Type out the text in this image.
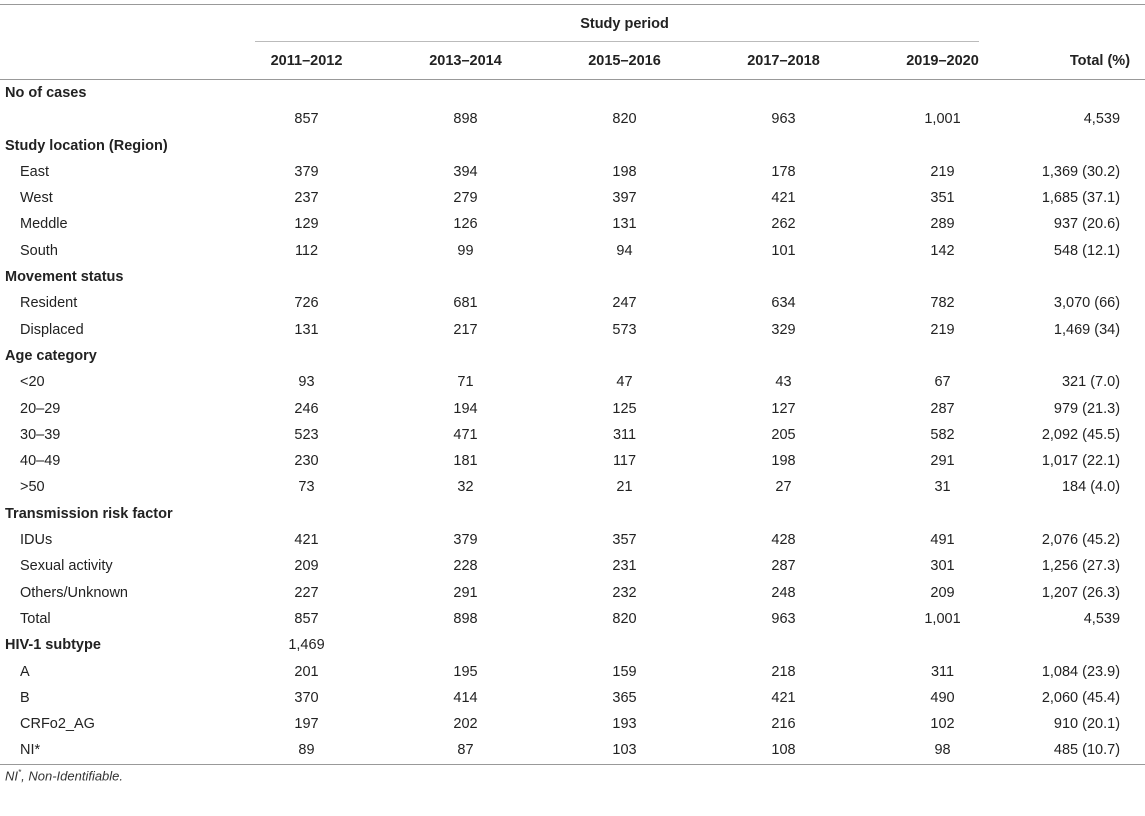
	Study period					
	2011–2012	2013–2014	2015–2016	2017–2018	2019–2020	Total (%)
No of cases						
	857	898	820	963	1,001	4,539
Study location (Region)						
East	379	394	198	178	219	1,369 (30.2)
West	237	279	397	421	351	1,685 (37.1)
Meddle	129	126	131	262	289	937 (20.6)
South	112	99	94	101	142	548 (12.1)
Movement status						
Resident	726	681	247	634	782	3,070 (66)
Displaced	131	217	573	329	219	1,469 (34)
Age category						
<20	93	71	47	43	67	321 (7.0)
20–29	246	194	125	127	287	979 (21.3)
30–39	523	471	311	205	582	2,092 (45.5)
40–49	230	181	117	198	291	1,017 (22.1)
>50	73	32	21	27	31	184 (4.0)
Transmission risk factor						
IDUs	421	379	357	428	491	2,076 (45.2)
Sexual activity	209	228	231	287	301	1,256 (27.3)
Others/Unknown	227	291	232	248	209	1,207 (26.3)
Total	857	898	820	963	1,001	4,539
HIV-1 subtype	1,469					
A	201	195	159	218	311	1,084 (23.9)
B	370	414	365	421	490	2,060 (45.4)
CRFo2_AG	197	202	193	216	102	910 (20.1)
NI*	89	87	103	108	98	485 (10.7)
NI*, Non-Identifiable.
